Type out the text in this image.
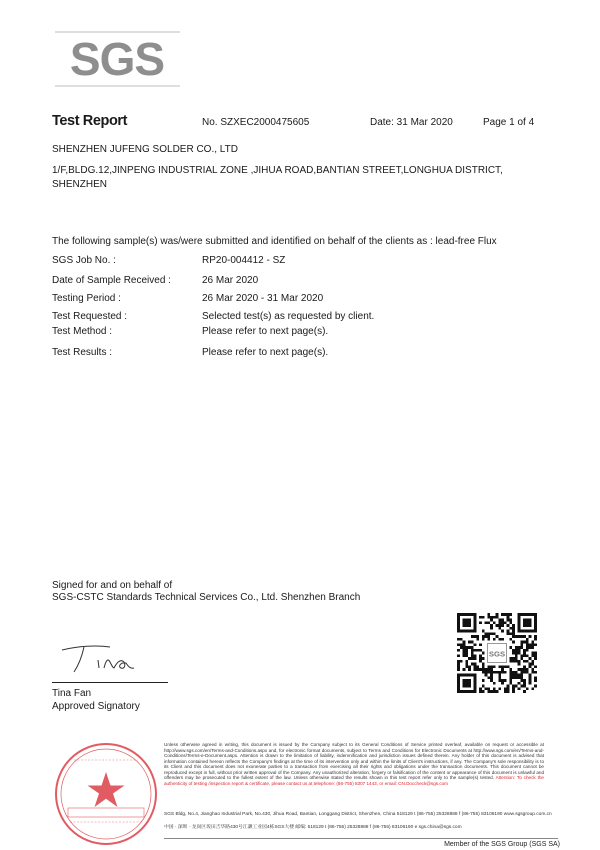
SGS
Test Report	No. SZXEC2000475605	Date: 31 Mar 2020	Page 1 of 4
SHENZHEN JUFENG SOLDER CO., LTD
1/F,BLDG.12,JINPENG INDUSTRIAL ZONE ,JIHUA ROAD,BANTIAN STREET,LONGHUA DISTRICT, SHENZHEN
The following sample(s) was/were submitted and identified on behalf of the clients as : lead-free Flux
SGS Job No. :	RP20-004412 - SZ
Date of Sample Received :	26 Mar 2020
Testing Period :	26 Mar 2020 - 31 Mar 2020
Test Requested :	Selected test(s) as requested by client.
Test Method :	Please refer to next page(s).
Test Results :	Please refer to next page(s).
Signed for and on behalf of
SGS-CSTC Standards Technical Services Co., Ltd. Shenzhen Branch
Tina Fan
Approved Signatory
SGS
Unless otherwise agreed in writing, this document is issued by the Company subject to its General Conditions of Service printed overleaf, available on request or accessible at http://www.sgs.com/en/Terms-and-Conditions.aspx and, for electronic format documents, subject to Terms and Conditions for Electronic Documents at http://www.sgs.com/en/Terms-and-Conditions/Terms-e-Document.aspx. Attention is drawn to the limitation of liability, indemnification and jurisdiction issues defined therein. Any holder of this document is advised that information contained hereon reflects the Company's findings at the time of its intervention only and within the limits of Client's instructions, if any. The Company's sole responsibility is to its Client and this document does not exonerate parties to a transaction from exercising all their rights and obligations under the transaction documents. This document cannot be reproduced except in full, without prior written approval of the Company. Any unauthorized alteration, forgery or falsification of the content or appearance of this document is unlawful and offenders may be prosecuted to the fullest extent of the law. Unless otherwise stated the results shown in this test report refer only to the sample(s) tested. Attention: To check the authenticity of testing /inspection report & certificate, please contact us at telephone: (86-755) 8307 1443, or email: CN.Doccheck@sgs.com
SGS Bldg, No.4, Jianghao Industrial Park, No.430, Jihua Road, Bantian, Longgang District, Shenzhen, China 518129 t (86-755) 25328888 f (86-755) 83106190 www.sgsgroup.com.cn
中国 · 深圳 · 龙岗区坂田吉华路430号江灏工业园4栋SGS大楼 邮编: 518129 t (86-755) 25328888 f (86-755) 83106190 e sgs.china@sgs.com
Member of the SGS Group (SGS SA)
